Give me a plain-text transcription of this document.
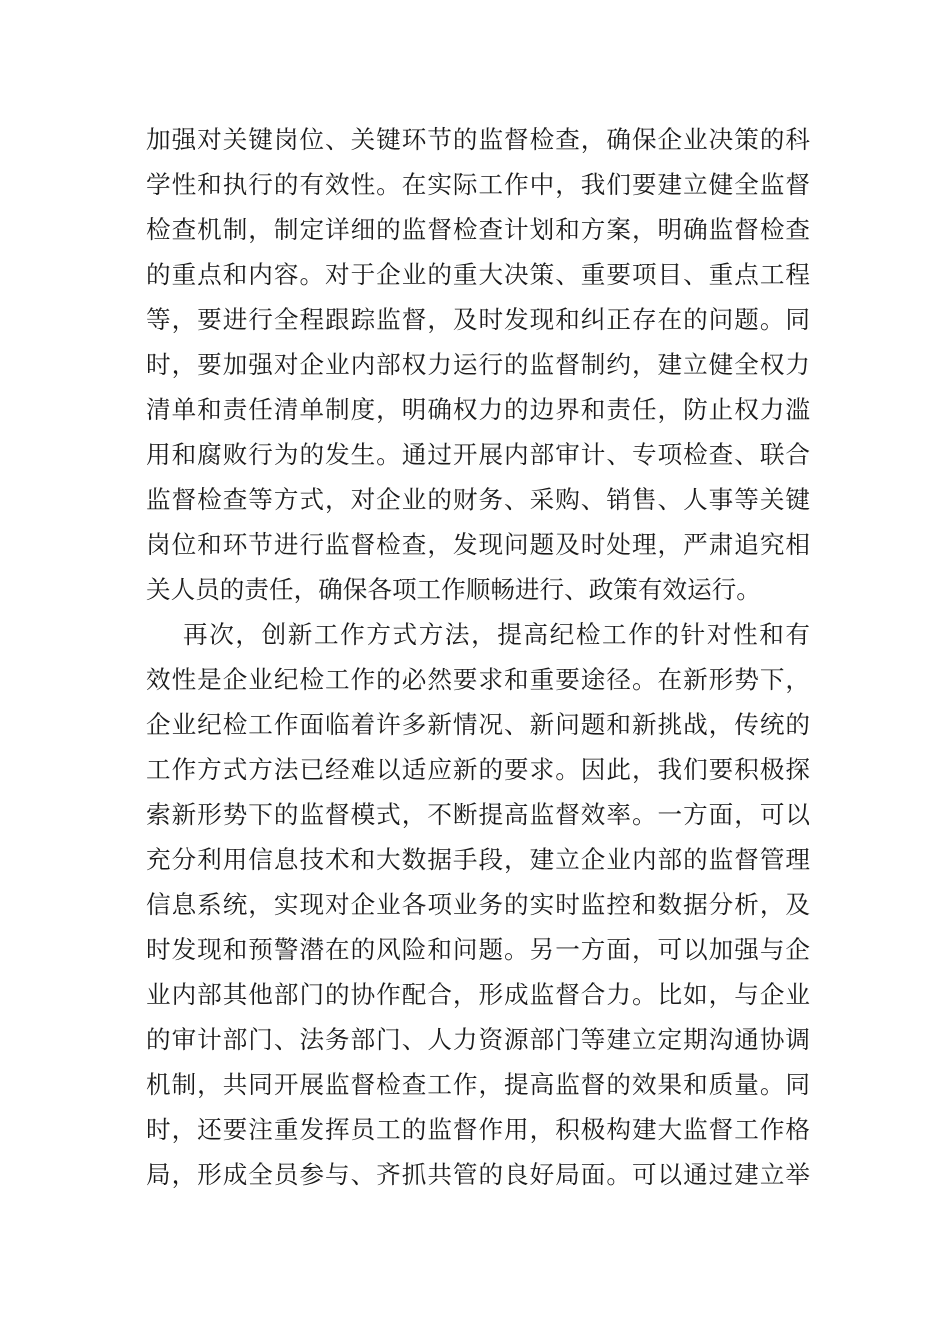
加强对关键岗位、关键环节的监督检查，确保企业决策的科
学性和执行的有效性。在实际工作中，我们要建立健全监督
检查机制，制定详细的监督检查计划和方案，明确监督检查
的重点和内容。对于企业的重大决策、重要项目、重点工程
等，要进行全程跟踪监督，及时发现和纠正存在的问题。同
时，要加强对企业内部权力运行的监督制约，建立健全权力
清单和责任清单制度，明确权力的边界和责任，防止权力滥
用和腐败行为的发生。通过开展内部审计、专项检查、联合
监督检查等方式，对企业的财务、采购、销售、人事等关键
岗位和环节进行监督检查，发现问题及时处理，严肃追究相
关人员的责任，确保各项工作顺畅进行、政策有效运行。
再次，创新工作方式方法，提高纪检工作的针对性和有
效性是企业纪检工作的必然要求和重要途径。在新形势下，
企业纪检工作面临着许多新情况、新问题和新挑战，传统的
工作方式方法已经难以适应新的要求。因此，我们要积极探
索新形势下的监督模式，不断提高监督效率。一方面，可以
充分利用信息技术和大数据手段，建立企业内部的监督管理
信息系统，实现对企业各项业务的实时监控和数据分析，及
时发现和预警潜在的风险和问题。另一方面，可以加强与企
业内部其他部门的协作配合，形成监督合力。比如，与企业
的审计部门、法务部门、人力资源部门等建立定期沟通协调
机制，共同开展监督检查工作，提高监督的效果和质量。同
时，还要注重发挥员工的监督作用，积极构建大监督工作格
局，形成全员参与、齐抓共管的良好局面。可以通过建立举
